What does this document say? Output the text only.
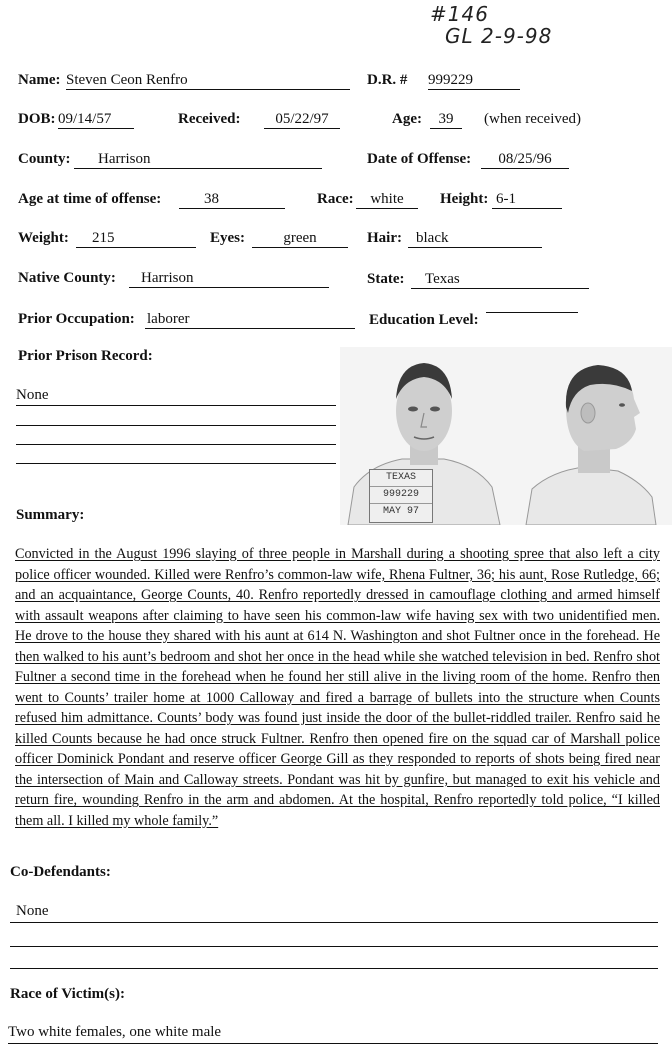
#146
GL 2-9-98
Name: Steven Ceon Renfro	D.R. # 999229
DOB: 09/14/57	Received:	05/22/97	Age:	39	(when received)
County:	Harrison	Date of Offense:	08/25/96
Age at time of offense:	38	Race:	white	Height: 6-1
Weight:	215	Eyes:	green	Hair: black
Native County:	Harrison	State:	Texas
Prior Occupation: laborer	Education Level:
Prior Prison Record:
None
TEXAS
999229
MAY 97
Summary:
Convicted in the August 1996 slaying of three people in Marshall during a shooting spree that also left a city police officer wounded. Killed were Renfro’s common-law wife, Rhena Fultner, 36; his aunt, Rose Rutledge, 66; and an acquaintance, George Counts, 40. Renfro reportedly dressed in camouflage clothing and armed himself with assault weapons after claiming to have seen his common-law wife having sex with two unidentified men. He drove to the house they shared with his aunt at 614 N. Washington and shot Fultner once in the forehead. He then walked to his aunt’s bedroom and shot her once in the head while she watched television in bed. Renfro shot Fultner a second time in the forehead when he found her still alive in the living room of the home. Renfro then went to Counts’ trailer home at 1000 Calloway and fired a barrage of bullets into the structure when Counts refused him admittance. Counts’ body was found just inside the door of the bullet-riddled trailer. Renfro said he killed Counts because he had once struck Fultner. Renfro then opened fire on the squad car of Marshall police officer Dominick Pondant and reserve officer George Gill as they responded to reports of shots being fired near the intersection of Main and Calloway streets. Pondant was hit by gunfire, but managed to exit his vehicle and return fire, wounding Renfro in the arm and abdomen. At the hospital, Renfro reportedly told police, “I killed them all. I killed my whole family.”
Co-Defendants:
None
Race of Victim(s):
Two white females, one white male
